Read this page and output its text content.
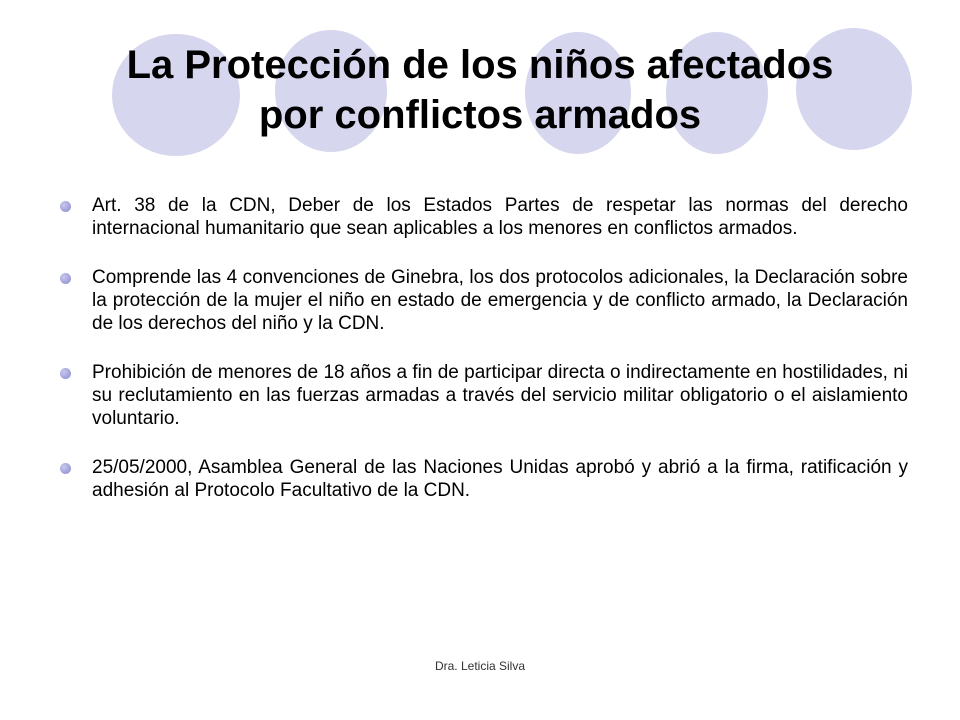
La Protección de los niños afectados
por conflictos armados
Art. 38 de la CDN, Deber de los Estados Partes de respetar las normas del derecho internacional humanitario que sean aplicables a los menores en conflictos armados.
Comprende las 4 convenciones de Ginebra, los dos protocolos adicionales, la Declaración sobre la protección de la mujer el niño en estado de emergencia y de conflicto armado, la Declaración de los derechos del niño y la CDN.
Prohibición de menores de 18 años a fin de participar directa o indirectamente en hostilidades, ni su reclutamiento en las fuerzas armadas a través del servicio militar obligatorio o el aislamiento voluntario.
25/05/2000, Asamblea General de las Naciones Unidas aprobó y abrió a la firma, ratificación y adhesión al Protocolo Facultativo de la CDN.
Dra. Leticia Silva
